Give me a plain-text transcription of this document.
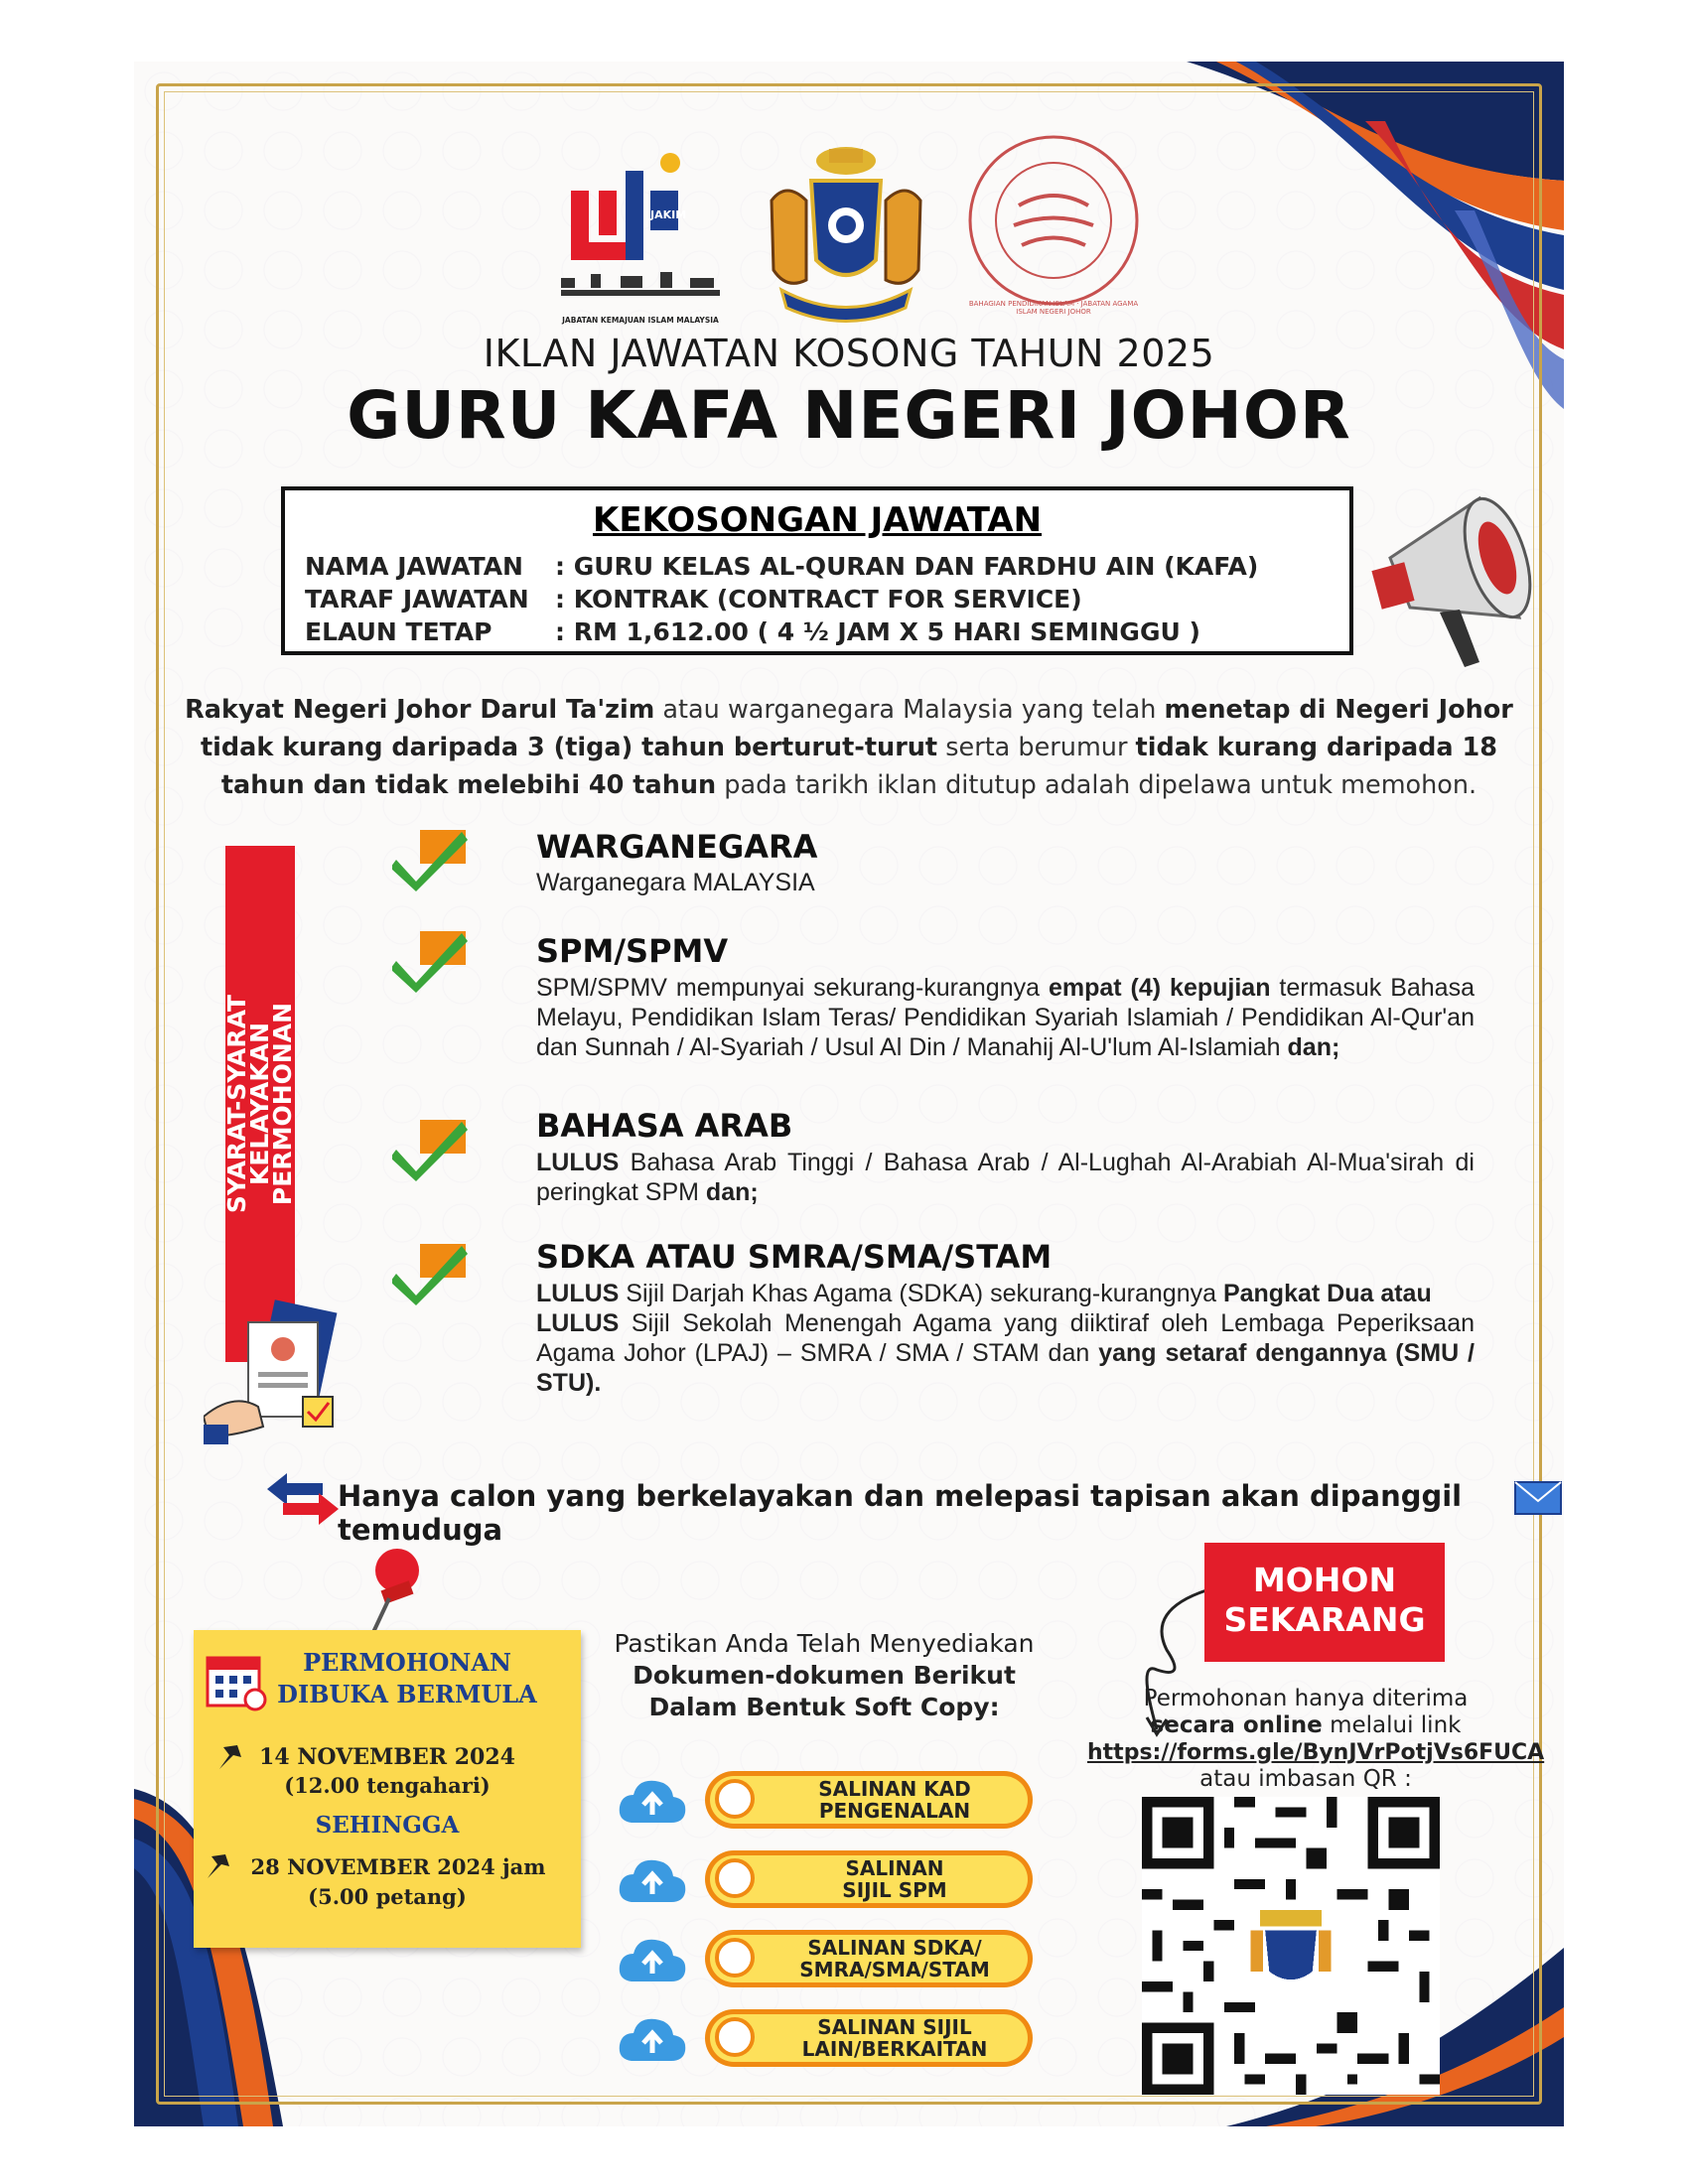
JAKIM
JABATAN KEMAJUAN ISLAM MALAYSIA
BAHAGIAN PENDIDIKAN ISLAM · JABATAN AGAMA ISLAM NEGERI JOHOR
IKLAN JAWATAN KOSONG TAHUN 2025
GURU KAFA NEGERI JOHOR
KEKOSONGAN JAWATAN
NAMA JAWATAN : GURU KELAS AL-QURAN DAN FARDHU AIN (KAFA)
TARAF JAWATAN : KONTRAK (CONTRACT FOR SERVICE)
ELAUN TETAP	: RM 1,612.00 ( 4 ½ JAM X 5 HARI SEMINGGU )
Rakyat Negeri Johor Darul Ta'zim atau warganegara Malaysia yang telah menetap di Negeri Johor tidak kurang daripada 3 (tiga) tahun berturut-turut serta berumur tidak kurang daripada 18 tahun dan tidak melebihi 40 tahun pada tarikh iklan ditutup adalah dipelawa untuk memohon.
SYARAT-SYARAT
KELAYAKAN
PERMOHONAN
WARGANEGARA
Warganegara MALAYSIA
SPM/SPMV
SPM/SPMV mempunyai sekurang-kurangnya empat (4) kepujian termasuk Bahasa Melayu, Pendidikan Islam Teras/ Pendidikan Syariah Islamiah / Pendidikan Al-Qur'an dan Sunnah / Al-Syariah / Usul Al Din / Manahij Al-U'lum Al-Islamiah dan;
BAHASA ARAB
LULUS Bahasa Arab Tinggi / Bahasa Arab / Al-Lughah Al-Arabiah Al-Mua'sirah di peringkat SPM dan;
SDKA ATAU SMRA/SMA/STAM
LULUS Sijil Darjah Khas Agama (SDKA) sekurang-kurangnya Pangkat Dua atau
LULUS Sijil Sekolah Menengah Agama yang diiktiraf oleh Lembaga Peperiksaan Agama Johor (LPAJ) – SMRA / SMA / STAM dan yang setaraf dengannya (SMU / STU).
Hanya calon yang berkelayakan dan melepasi tapisan akan dipanggil temuduga
PERMOHONAN
DIBUKA BERMULA
14 NOVEMBER 2024
(12.00 tengahari)
SEHINGGA
28 NOVEMBER 2024 jam
(5.00 petang)
Pastikan Anda Telah Menyediakan
Dokumen-dokumen Berikut
Dalam Bentuk Soft Copy:
SALINAN KAD
PENGENALAN
SALINAN
SIJIL SPM
SALINAN SDKA/
SMRA/SMA/STAM
SALINAN SIJIL
LAIN/BERKAITAN
MOHON
SEKARANG
Permohonan hanya diterima
secara online melalui link
https://forms.gle/BynJVrPotjVs6FUCA
atau imbasan QR :
